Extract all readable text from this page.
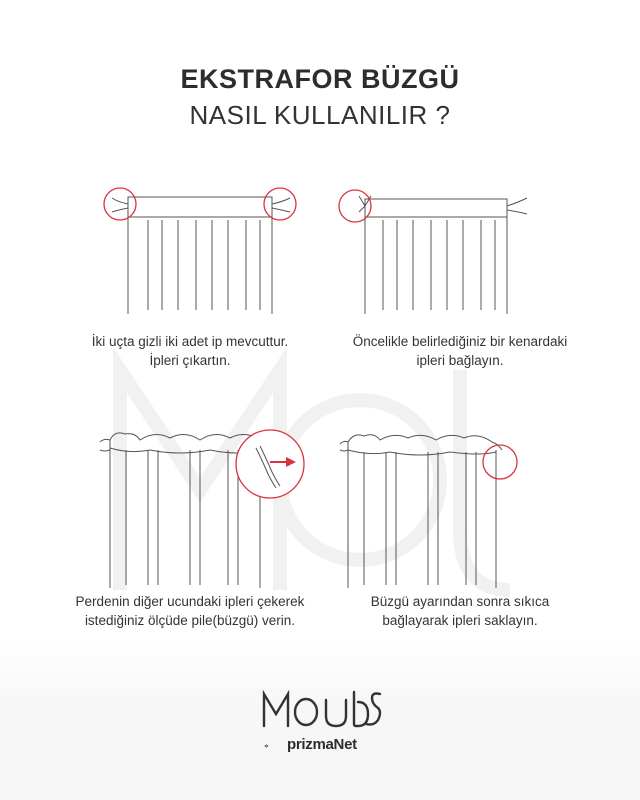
EKSTRAFOR BÜZGÜ
NASIL KULLANILIR ?
İki uçta gizli iki adet ip mevcuttur.
İpleri çıkartın.
Öncelikle belirlediğiniz bir kenardaki
ipleri bağlayın.
Perdenin diğer ucundaki ipleri çekerek
istediğiniz ölçüde pile(büzgü) verin.
Büzgü ayarından sonra sıkıca
bağlayarak ipleri saklayın.
prizmaNet
